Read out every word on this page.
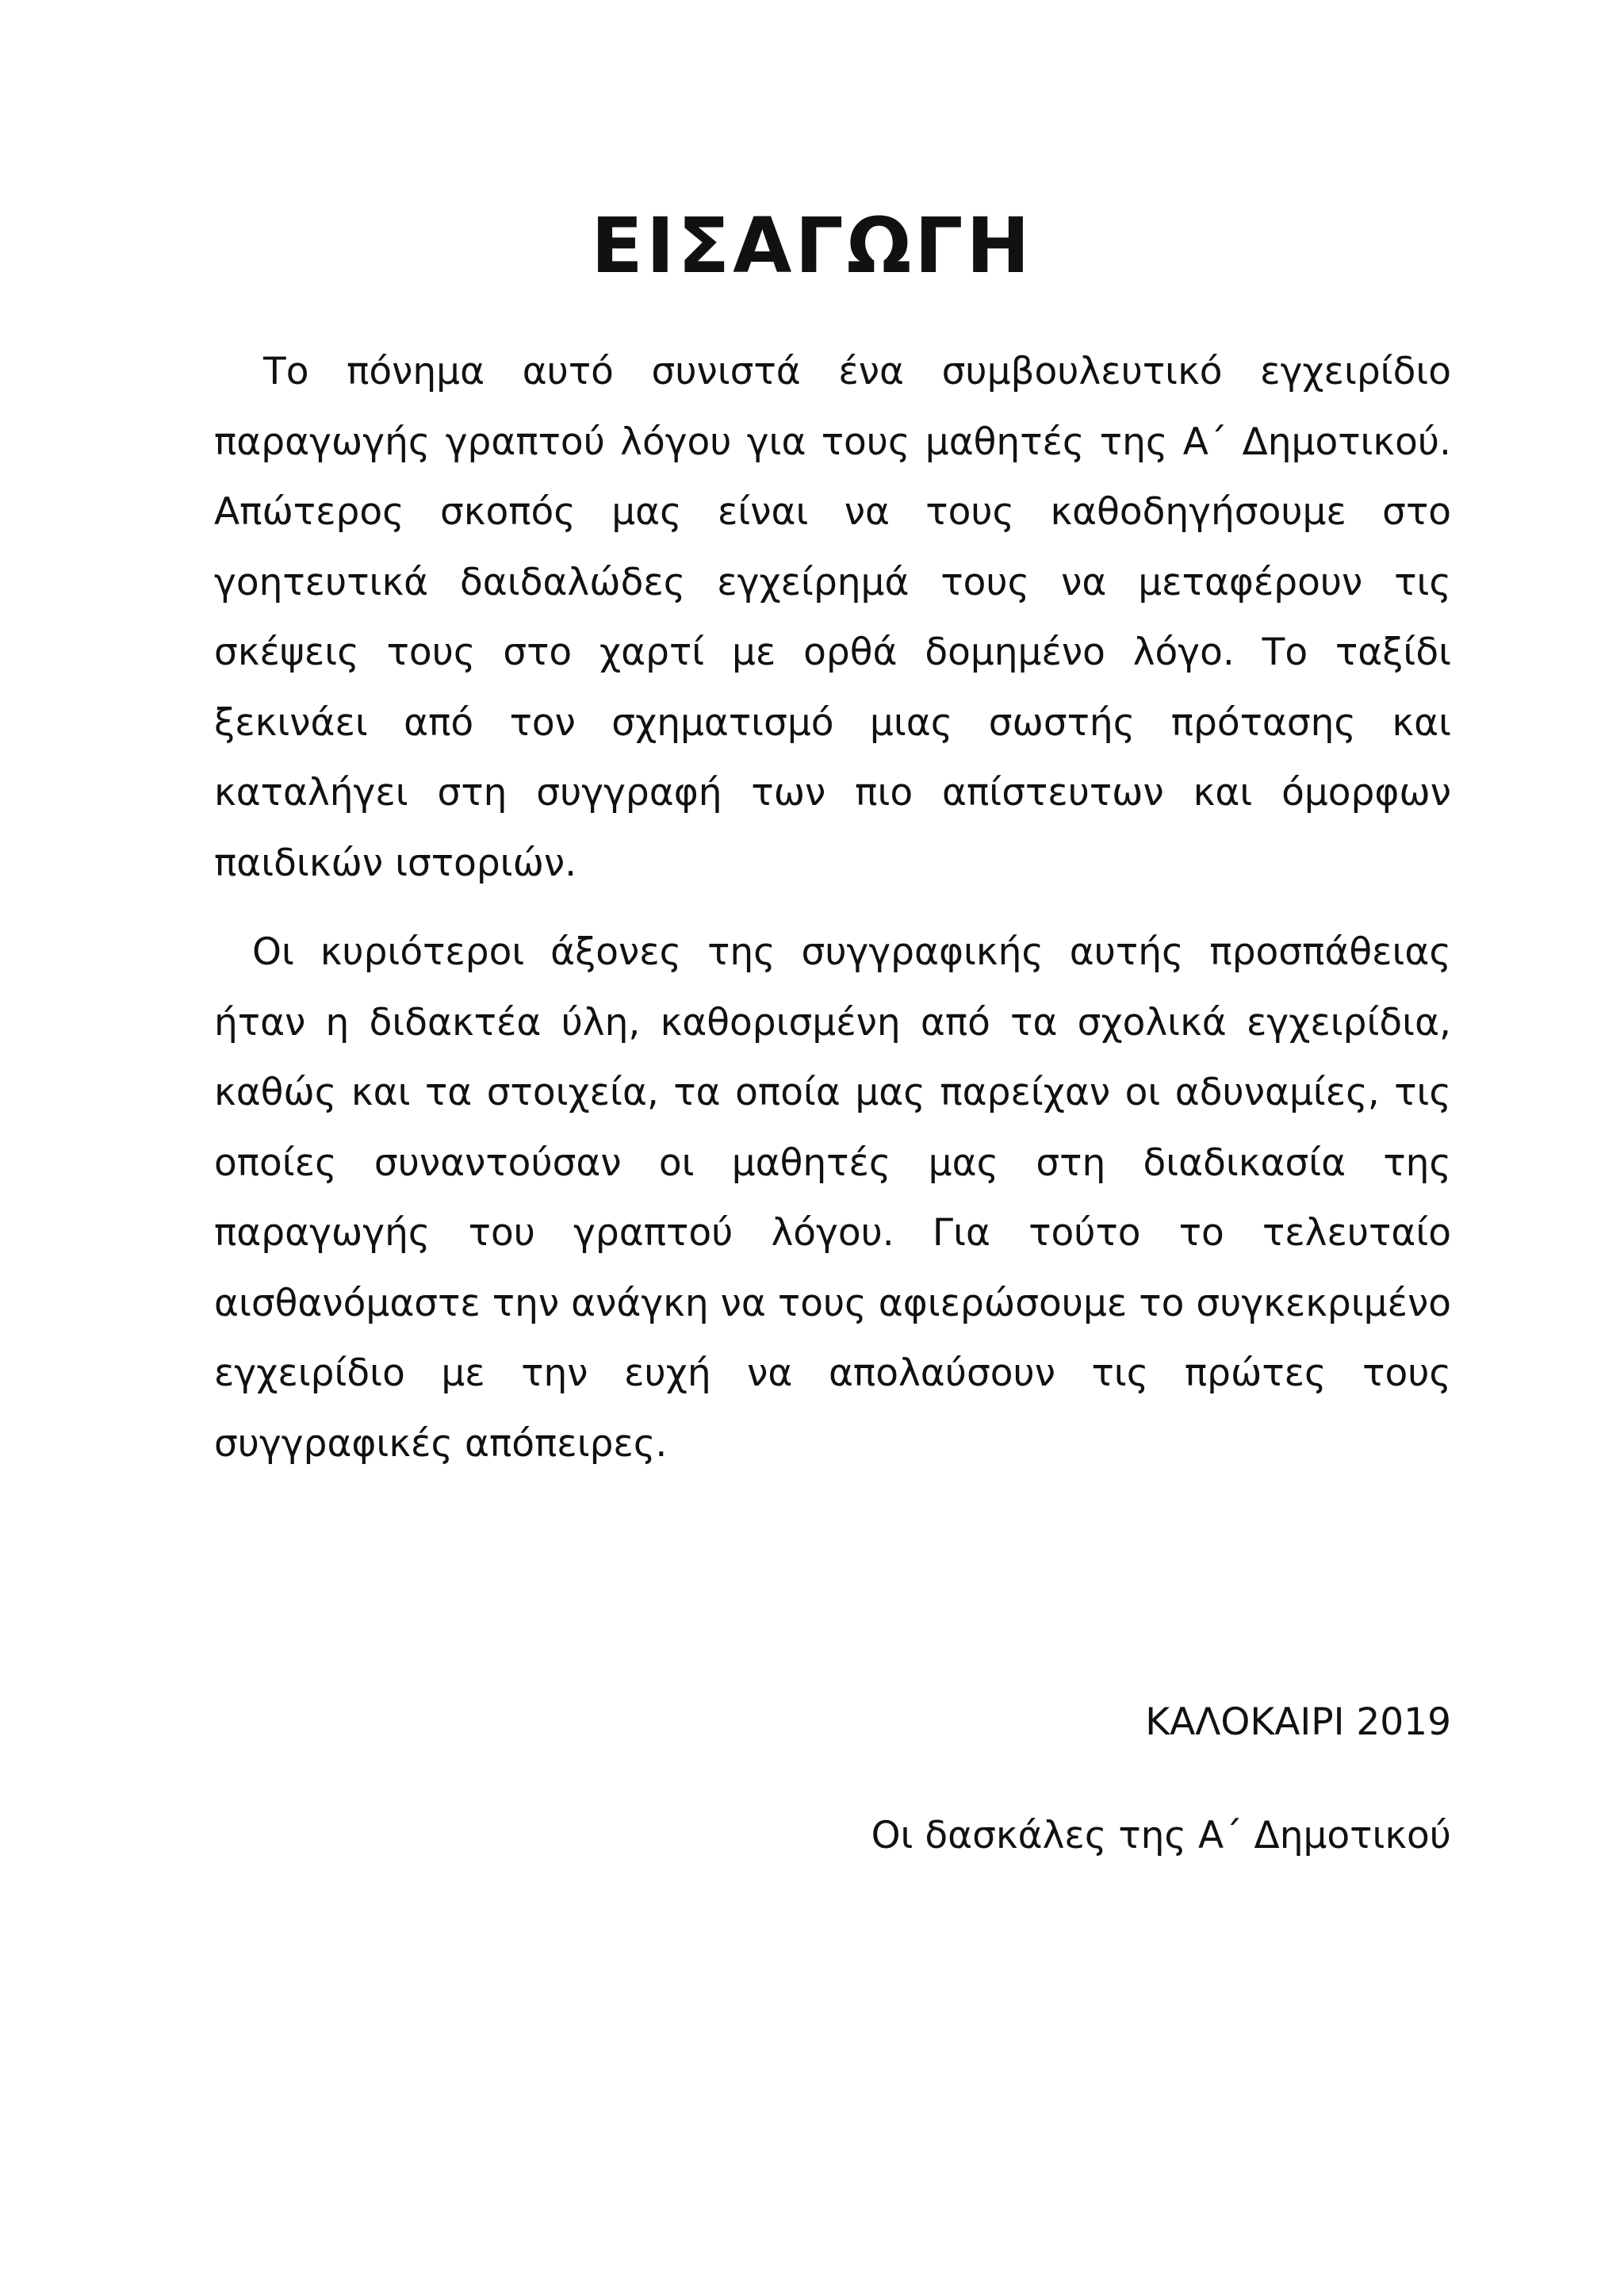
ΕΙΣΑΓΩΓΗ

Το πόνημα αυτό συνιστά ένα συμβουλευτικό εγχειρίδιο παραγωγής γραπτού λόγου για τους μαθητές της Α΄ Δημοτικού. Απώτερος σκοπός μας είναι να τους καθοδηγήσουμε στο γοητευτικά δαιδαλώδες εγχείρημά τους να μεταφέρουν τις σκέψεις τους στο χαρτί με ορθά δομημένο λόγο. Το ταξίδι ξεκινάει από τον σχηματισμό μιας σωστής πρότασης και καταλήγει στη συγγραφή των πιο απίστευτων και όμορφων παιδικών ιστοριών.

Οι κυριότεροι άξονες της συγγραφικής αυτής προσπάθειας ήταν η διδακτέα ύλη, καθορισμένη από τα σχολικά εγχειρίδια, καθώς και τα στοιχεία, τα οποία μας παρείχαν οι αδυναμίες, τις οποίες συναντούσαν οι μαθητές μας στη διαδικασία της παραγωγής του γραπτού λόγου. Για τούτο το τελευταίο αισθανόμαστε την ανάγκη να τους αφιερώσουμε το συγκεκριμένο εγχειρίδιο με την ευχή να απολαύσουν τις πρώτες τους συγγραφικές απόπειρες.

ΚΑΛΟΚΑΙΡΙ 2019

Οι δασκάλες της Α΄ Δημοτικού
